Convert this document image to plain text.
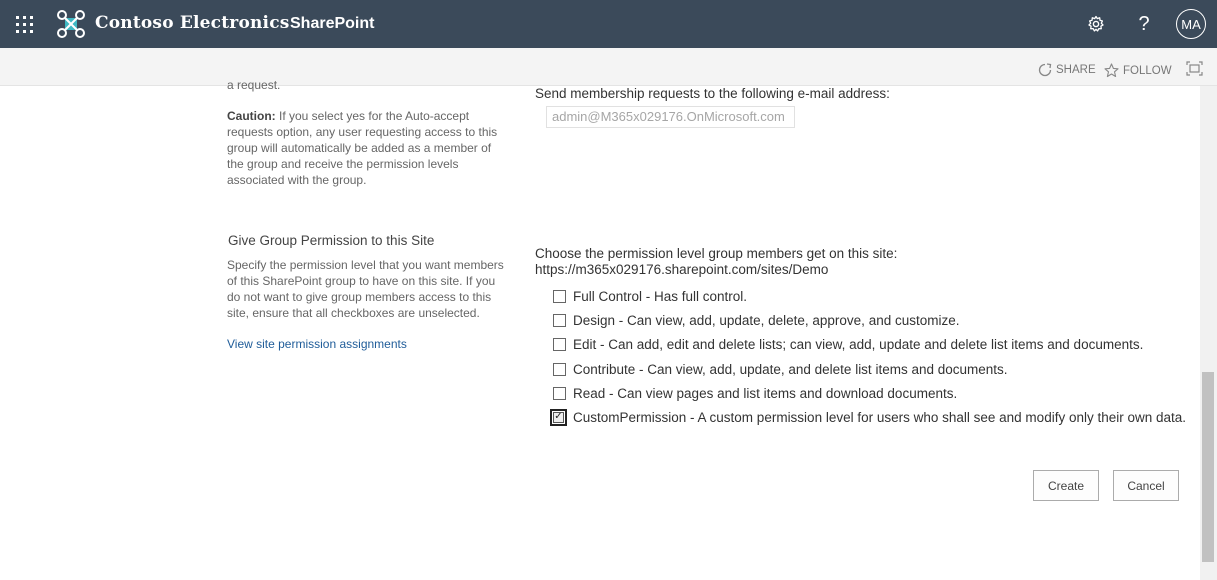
Contoso Electronics SharePoint	?	MA
SHARE FOLLOW
a request.
Caution: If you select yes for the Auto-accept requests option, any user requesting access to this group will automatically be added as a member of the group and receive the permission levels associated with the group.
Send membership requests to the following e-mail address:
admin@M365x029176.OnMicrosoft.com
Give Group Permission to this Site
Specify the permission level that you want members of this SharePoint group to have on this site. If you do not want to give group members access to this site, ensure that all checkboxes are unselected.
View site permission assignments
Choose the permission level group members get on this site:
https://m365x029176.sharepoint.com/sites/Demo
Full Control - Has full control.
Design - Can view, add, update, delete, approve, and customize.
Edit - Can add, edit and delete lists; can view, add, update and delete list items and documents.
Contribute - Can view, add, update, and delete list items and documents.
Read - Can view pages and list items and download documents.
✓ CustomPermission - A custom permission level for users who shall see and modify only their own data.
Create	Cancel
